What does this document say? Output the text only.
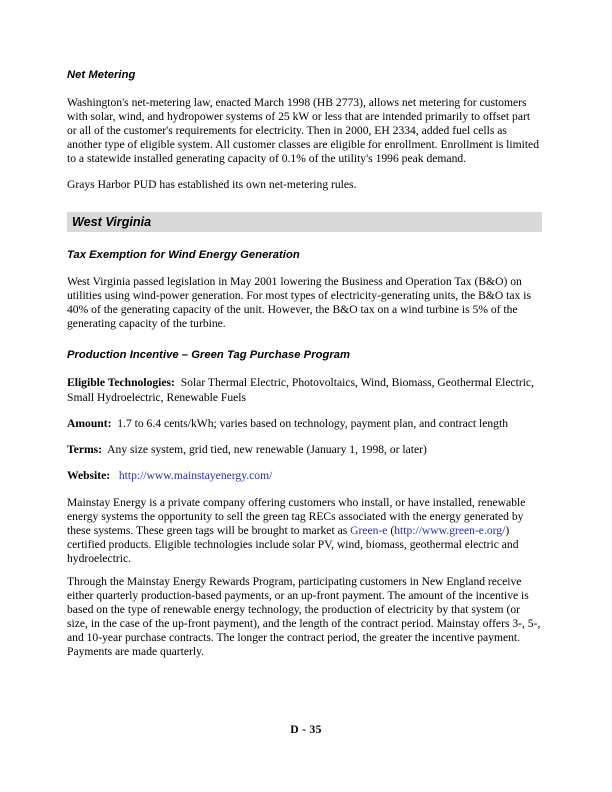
Net Metering

Washington's net-metering law, enacted March 1998 (HB 2773), allows net metering for customers with solar, wind, and hydropower systems of 25 kW or less that are intended primarily to offset part or all of the customer's requirements for electricity. Then in 2000, EH 2334, added fuel cells as another type of eligible system. All customer classes are eligible for enrollment. Enrollment is limited to a statewide installed generating capacity of 0.1% of the utility's 1996 peak demand.

Grays Harbor PUD has established its own net-metering rules.

West Virginia
Tax Exemption for Wind Energy Generation

West Virginia passed legislation in May 2001 lowering the Business and Operation Tax (B&O) on utilities using wind-power generation. For most types of electricity-generating units, the B&O tax is 40% of the generating capacity of the unit. However, the B&O tax on a wind turbine is 5% of the generating capacity of the turbine.

Production Incentive – Green Tag Purchase Program

Eligible Technologies: Solar Thermal Electric, Photovoltaics, Wind, Biomass, Geothermal Electric, Small Hydroelectric, Renewable Fuels

Amount: 1.7 to 6.4 cents/kWh; varies based on technology, payment plan, and contract length

Terms: Any size system, grid tied, new renewable (January 1, 1998, or later)

Website: http://www.mainstayenergy.com/

Mainstay Energy is a private company offering customers who install, or have installed, renewable energy systems the opportunity to sell the green tag RECs associated with the energy generated by these systems. These green tags will be brought to market as Green-e (http://www.green-e.org/) certified products. Eligible technologies include solar PV, wind, biomass, geothermal electric and hydroelectric.

Through the Mainstay Energy Rewards Program, participating customers in New England receive either quarterly production-based payments, or an up-front payment. The amount of the incentive is based on the type of renewable energy technology, the production of electricity by that system (or size, in the case of the up-front payment), and the length of the contract period. Mainstay offers 3-, 5-, and 10-year purchase contracts. The longer the contract period, the greater the incentive payment. Payments are made quarterly.

D - 35
